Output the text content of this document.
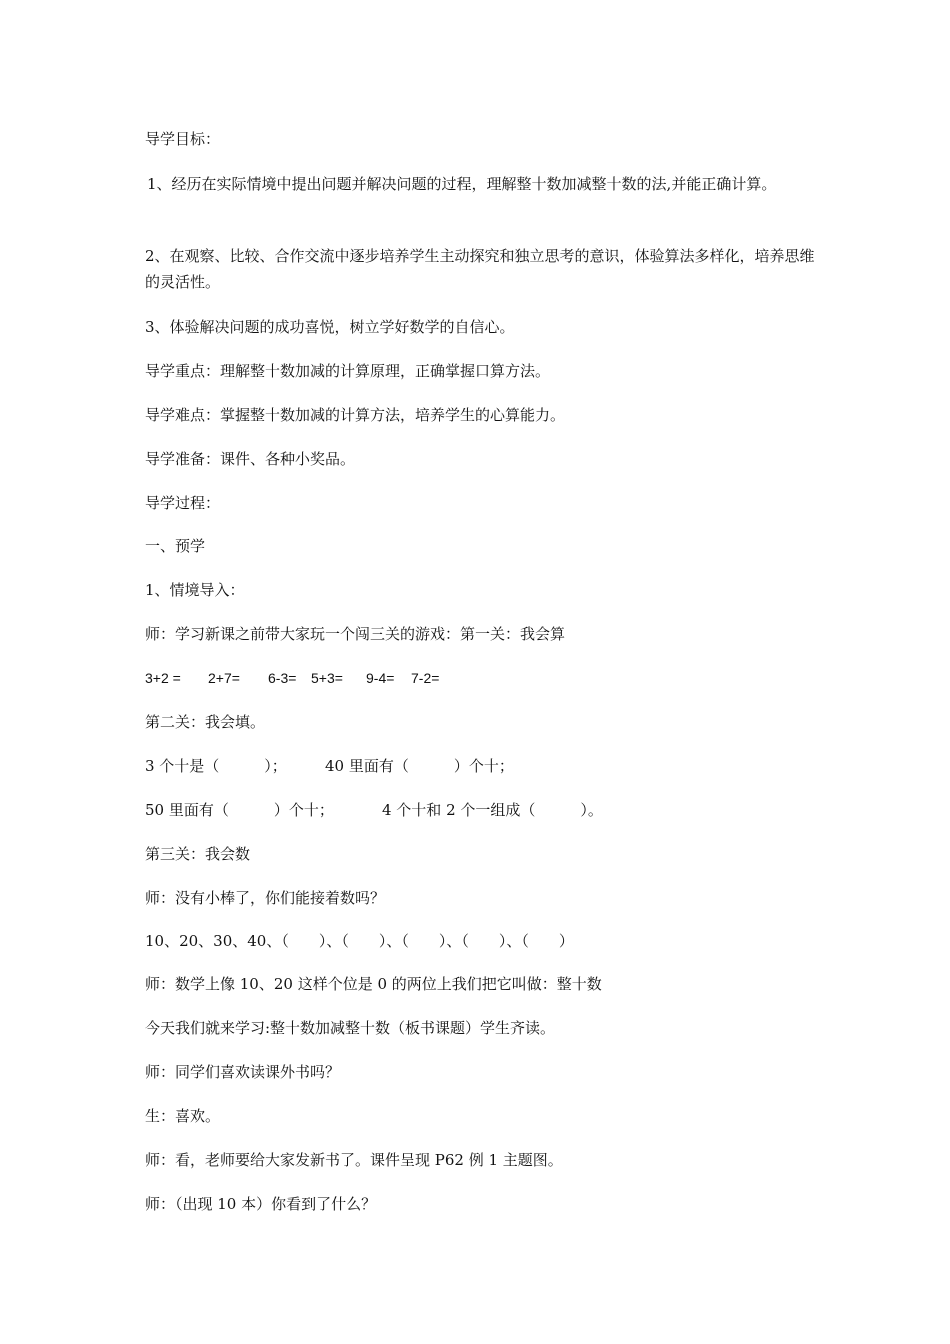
导学目标：
1、经历在实际情境中提出问题并解决问题的过程，理解整十数加减整十数的法,并能正确计算。
2、在观察、比较、合作交流中逐步培养学生主动探究和独立思考的意识，体验算法多样化，培养思维的灵活性。
3、体验解决问题的成功喜悦，树立学好数学的自信心。
导学重点：理解整十数加减的计算原理，正确掌握口算方法。
导学难点：掌握整十数加减的计算方法，培养学生的心算能力。
导学准备：课件、各种小奖品。
导学过程：
一、预学
1、情境导入：
师：学习新课之前带大家玩一个闯三关的游戏：第一关：我会算
3+2 = 2+7= 6-3= 5+3= 9-4= 7-2=
第二关：我会填。
3 个十是（　　　）；	40 里面有（　　　）个十；
50 里面有（　　　）个十；	4 个十和 2 个一组成（　　　）。
第三关：我会数
师：没有小棒了，你们能接着数吗？
10、20、30、40、（　　）、（　　）、（　　）、（　　）、（　　）
师：数学上像 10、20 这样个位是 0 的两位上我们把它叫做：整十数
今天我们就来学习:整十数加减整十数（板书课题）学生齐读。
师：同学们喜欢读课外书吗？
生：喜欢。
师：看，老师要给大家发新书了。课件呈现 P62 例 1 主题图。
师：（出现 10 本）你看到了什么？
